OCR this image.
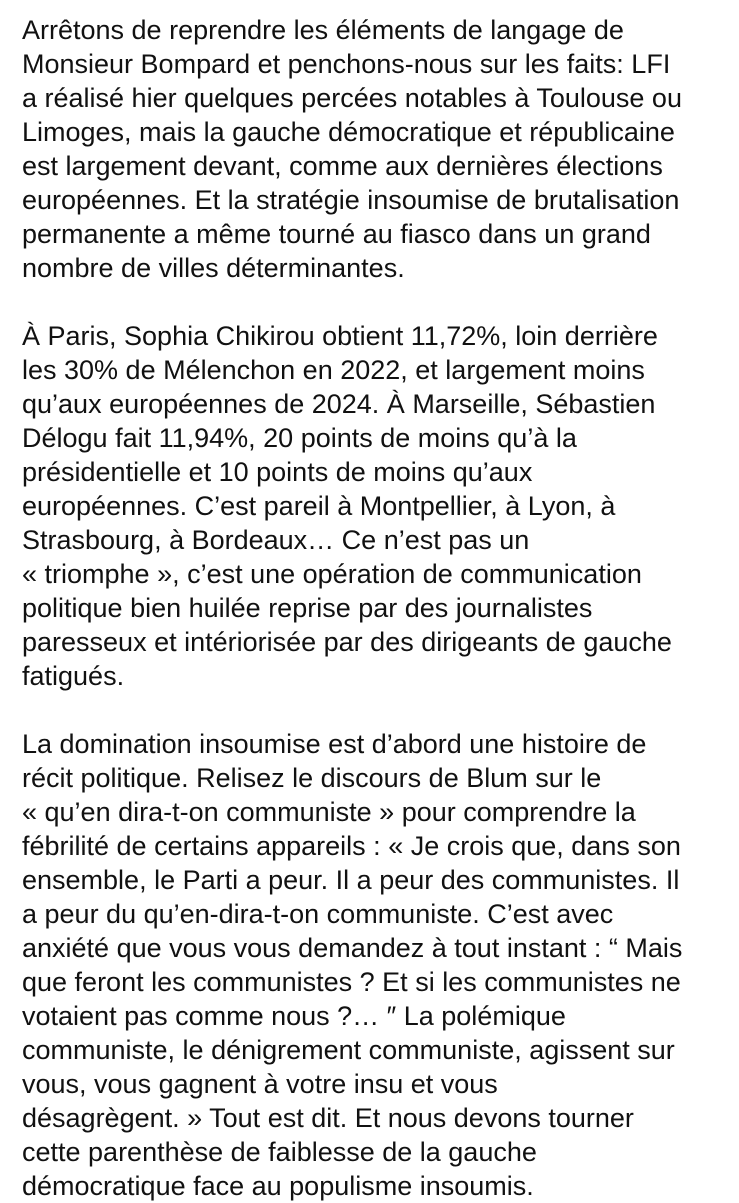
Arrêtons de reprendre les éléments de langage de
Monsieur Bompard et penchons-nous sur les faits: LFI
a réalisé hier quelques percées notables à Toulouse ou
Limoges, mais la gauche démocratique et républicaine
est largement devant, comme aux dernières élections
européennes. Et la stratégie insoumise de brutalisation
permanente a même tourné au fiasco dans un grand
nombre de villes déterminantes.

À Paris, Sophia Chikirou obtient 11,72%, loin derrière
les 30% de Mélenchon en 2022, et largement moins
qu’aux européennes de 2024. À Marseille, Sébastien
Délogu fait 11,94%, 20 points de moins qu’à la
présidentielle et 10 points de moins qu’aux
européennes. C’est pareil à Montpellier, à Lyon, à
Strasbourg, à Bordeaux… Ce n’est pas un
« triomphe », c’est une opération de communication
politique bien huilée reprise par des journalistes
paresseux et intériorisée par des dirigeants de gauche
fatigués.

La domination insoumise est d’abord une histoire de
récit politique. Relisez le discours de Blum sur le
« qu’en dira-t-on communiste » pour comprendre la
fébrilité de certains appareils : « Je crois que, dans son
ensemble, le Parti a peur. Il a peur des communistes. Il
a peur du qu’en-dira-t-on communiste. C’est avec
anxiété que vous vous demandez à tout instant : “ Mais
que feront les communistes ? Et si les communistes ne
votaient pas comme nous ?… ″ La polémique
communiste, le dénigrement communiste, agissent sur
vous, vous gagnent à votre insu et vous
désagrègent. » Tout est dit. Et nous devons tourner
cette parenthèse de faiblesse de la gauche
démocratique face au populisme insoumis.
